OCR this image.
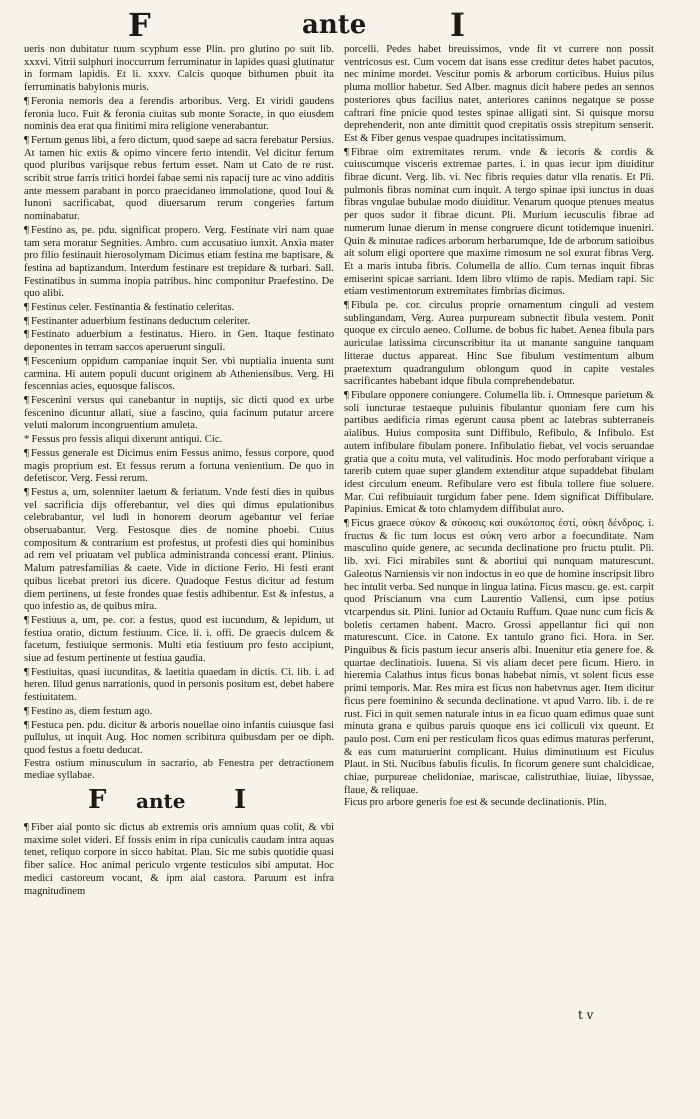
F	ante	I

ueris non dubitatur tuum scyphum esse Plin. pro glutino po suit lib. xxxvi. Vitrii sulphuri inoccurrum ferruminatur in lapides quasi glutinatur in formam lapidis. Et li. xxxv. Calcis quoque bithumen pbuit ita ferruminatis babylonis muris.

¶ Feronia nemoris dea a ferendis arboribus. Verg. Et viridi gaudens feronia luco. Fuit & feronia ciuitas sub monte Soracte, in quo eiusdem nominis dea erat qua finitimi mira religione venerabantur.

¶ Fertum genus libi, a fero dictum, quod saepe ad sacra ferebatur Persius. At tamen hic extis & opimo vincere ferto intendit. Vel dicitur fertum quod pluribus varijsque rebus fertum esset. Nam ut Cato de re rust. scribit strue farris tritici hordei fabae semi nis rapacij ture ac vino additis ante messem parabant in porco praecidaneo immolatione, quod Ioui & Iunoni sacrificabat, quod diuersarum rerum congeries fartum nominabatur.

¶ Festino as, pe. pdu. significat propero. Verg. Festinate viri nam quae tam sera moratur Segnities. Ambro. cum accusatiuo iunxit. Anxia mater pro filio festinauit hierosolymam Dicimus etiam festina me baptisare, & festina ad baptizandum. Interdum festinare est trepidare & turbari. Sall. Festinatibus in summa inopia patribus. hinc componitur Praefestino. De quo alibi.

¶ Festinus celer. Festinantia & festinatio celeritas.

¶ Festinanter aduerbium festinans deductum celeriter.

¶ Festinato aduerbium a festinatus. Hiero. in Gen. Itaque festinato deponentes in terram saccos aperuerunt singuli.

¶ Fescenium oppidum campaniae inquit Ser. vbi nuptialia inuenta sunt carmina. Hi autem populi ducunt originem ab Atheniensibus. Verg. Hi fescennias acies, equosque faliscos.

¶ Fescenini versus qui canebantur in nuptijs, sic dicti quod ex urbe fescenino dicuntur allati, siue a fascino, quia facinum putatur arcere veluti malorum incongruentium amuleta.

* Fessus pro fessis aliqui dixerunt antiqui. Cic.

¶ Fessus generale est Dicimus enim Fessus animo, fessus corpore, quod magis proprium est. Et fessus rerum a fortuna venientium. De quo in defetiscor. Verg. Fessi rerum.

¶ Festus a, um, solenniter laetum & feriatum. Vnde festi dies in quibus vel sacrificia dijs offerebantur, vel dies qui dimus epulationibus celebrabantur, vel ludi in honorem deorum agebantur vel feriae obseruabantur. Verg. Festosque dies de nomine phoebi. Cuius compositum & contrarium est profestus, ut profesti dies qui hominibus ad rem vel priuatam vel publica administranda concessi erant. Plinius. Malum patresfamilias & caete. Vide in dictione Ferio. Hi festi erant quibus licebat pretori ius dicere. Quadoque Festus dicitur ad festum diem pertinens, ut feste frondes quae festis adhibentur. Est & infestus, a quo infestio as, de quibus mira.

¶ Festiuus a, um, pe. cor. a festus, quod est iucundum, & lepidum, ut festiua oratio, dictum festiuum. Cice. li. i. offi. De graecis dulcem & facetum, festiuique sermonis. Multi etia festiuum pro festo accipiunt, siue ad festum pertinente ut festiua gaudia.

¶ Festiuitas, quasi iucunditas, & laetitia quaedam in dictis. Ci. lib. i. ad heren. Illud genus narrationis, quod in personis positum est, debet habere festiuitatem.

¶ Festino as, diem festum ago.

¶ Festuca pen. pdu. dicitur & arboris nouellae oino infantis cuiusque fasi pullulus, ut inquit Aug. Hoc nomen scribitura quibusdam per oe diph. quod festus a foetu deducat.

Festra ostium minusculum in sacrario, ab Fenestra per detractionem mediae syllabae.

F ante I

¶ Fiber aial ponto sic dictus ab extremis oris amnium quas colit, & vbi maxime solet videri. Ef fossis enim in ripa cuniculis caudam intra aquas tenet, reliquo corpore in sicco habitat. Plau. Sic me subis quotidie quasi fiber salice. Hoc animal periculo vrgente testiculos sibi amputat. Hoc medici castoreum vocant, & ipm aial castora. Paruum est infra magnitudinem

porcelli. Pedes habet breuissimos, vnde fit vt currere non possit ventricosus est. Cum vocem dat isans esse creditur detes habet pacutos, nec minime mordet. Vescitur pomis & arborum corticibus. Huius pilus pluma mollior habetur. Sed Alber. magnus dicit habere pedes an sennos posteriores qbus facilius natet, anteriores caninos negatque se posse caftrari fine pnicie quod testes spinae alligati sint. Si quisque morsu deprehenderit, non ante dimittit quod crepitatis ossis strepitum senserit. Est & Fiber genus vespae quadrupes incitatissimum.

¶ Fibrae oim extremitates rerum. vnde & iecoris & cordis & cuiuscumque visceris extremae partes. i. in quas iecur ipm diuiditur fibrae dicunt. Verg. lib. vi. Nec fibris requies datur vlla renatis. Et Pli. pulmonis fibras nominat cum inquit. A tergo spinae ipsi iunctus in duas fibras vngulae bubulae modo diuiditur. Venarum quoque ptenues meatus per quos sudor it fibrae dicunt. Pli. Murium iecusculis fibrae ad numerum lunae dierum in mense congruere dicunt totidemque inueniri. Quin & minutae radices arborum herbarumque, Ide de arborum satioibus ait solum eligi oportere que maxime rimosum ne sol exurat fibras Verg. Et a maris intuba fibris. Columella de allio. Cum ternas inquit fibras emiserint spicae sarriant. Idem libro vltimo de rapis. Mediam rapi. Sic etiam vestimentorum extremitates fimbrias dicimus.

¶ Fibula pe. cor. circulus proprie ornamentum cinguli ad vestem sublingandam, Verg. Aurea purpuream subnectit fibula vestem. Ponit quoque ex circulo aeneo. Collume. de bobus fic habet. Aenea fibula pars auriculae latissima circunscribitur ita ut manante sanguine tanquam litterae ductus appareat. Hinc Sue fibulum vestimentum album praetextum quadrangulum oblongum quod in capite vestales sacrificantes habebant idque fibula comprehendebatur.

¶ Fibulare opponere coniungere. Columella lib. i. Omnesque parietum & soli iuncturae testaeque puluinis fibulantur quoniam fere cum his partibus aedificia rimas egerunt causa pbent ac latebras subterraneis aialibus. Huius composita sunt Diffibulo, Refibulo, & Infibulo. Est autem infibulare fibulam ponere. Infibulatio fiebat, vel vocis seruandae gratia que a coitu muta, vel valitudinis. Hoc modo perforabant virique a tarerib cutem quae super glandem extenditur atque supaddebat fibulam idest circulum eneum. Refibulare vero est fibula tollere fiue soluere. Mar. Cui refibuiauit turgidum faber pene. Idem significat Diffibulare. Papinius. Emicat & toto chlamydem diffibulat auro.

¶ Ficus graece σύκον & σύκοσις καὶ συκώτοπος ἐστί, σύκη δένδρος. i. fructus & fic tum locus est σύκη vero arbor a foecunditate. Nam masculino quide genere, ac secunda declinatione pro fructu ptulit. Pli. lib. xvi. Fici mirabiles sunt & abortiui qui nunquam maturescunt. Galeotus Narniensis vir non indoctus in eo que de homine inscripsit libro hec intulit verba. Sed nunque in lingua latina. Ficus mascu. ge. est. carpit quod Priscianum vna cum Laurentio Vallensi, cum ipse potius vtcarpendus sit. Plini. Iunior ad Octauiu Ruffum. Quae nunc cum ficis & boletis certamen habent. Macro. Grossi appellantur fici qui non maturescunt. Cice. in Catone. Ex tantulo grano fici. Hora. in Ser. Pinguibus & ficis pastum iecur anseris albi. Inuenitur etia genere foe. & quartae declinatiois. Iuuena. Si vis aliam decet pere ficum. Hiero. in hieremia Calathus intus ficus bonas habebat nimis, vt solent ficus esse primi temporis. Mar. Res mira est ficus non habetvnus ager. Item dicitur ficus pere foeminino & secunda declinatione. vt apud Varro. lib. i. de re rust. Fici in quit semen naturale intus in ea ficuo quam edimus quae sunt minuta grana e quibus paruis quoque ens ici colliculi vix queunt. Et paulo post. Cum eni per resticulam ficos quas edimus maturas perferunt, & eas cum maturuerint complicant. Huius diminutiuum est Ficulus Plaut. in Sti. Nucibus fabulis ficulis. In ficorum genere sunt chalcidicae, chiae, purpureae chelidoniae, mariscae, calistruthiae, liuiae, libyssae, flaue, & reliquae.

Ficus pro arbore generis foe est & secunde declinationis. Plin.

t v
